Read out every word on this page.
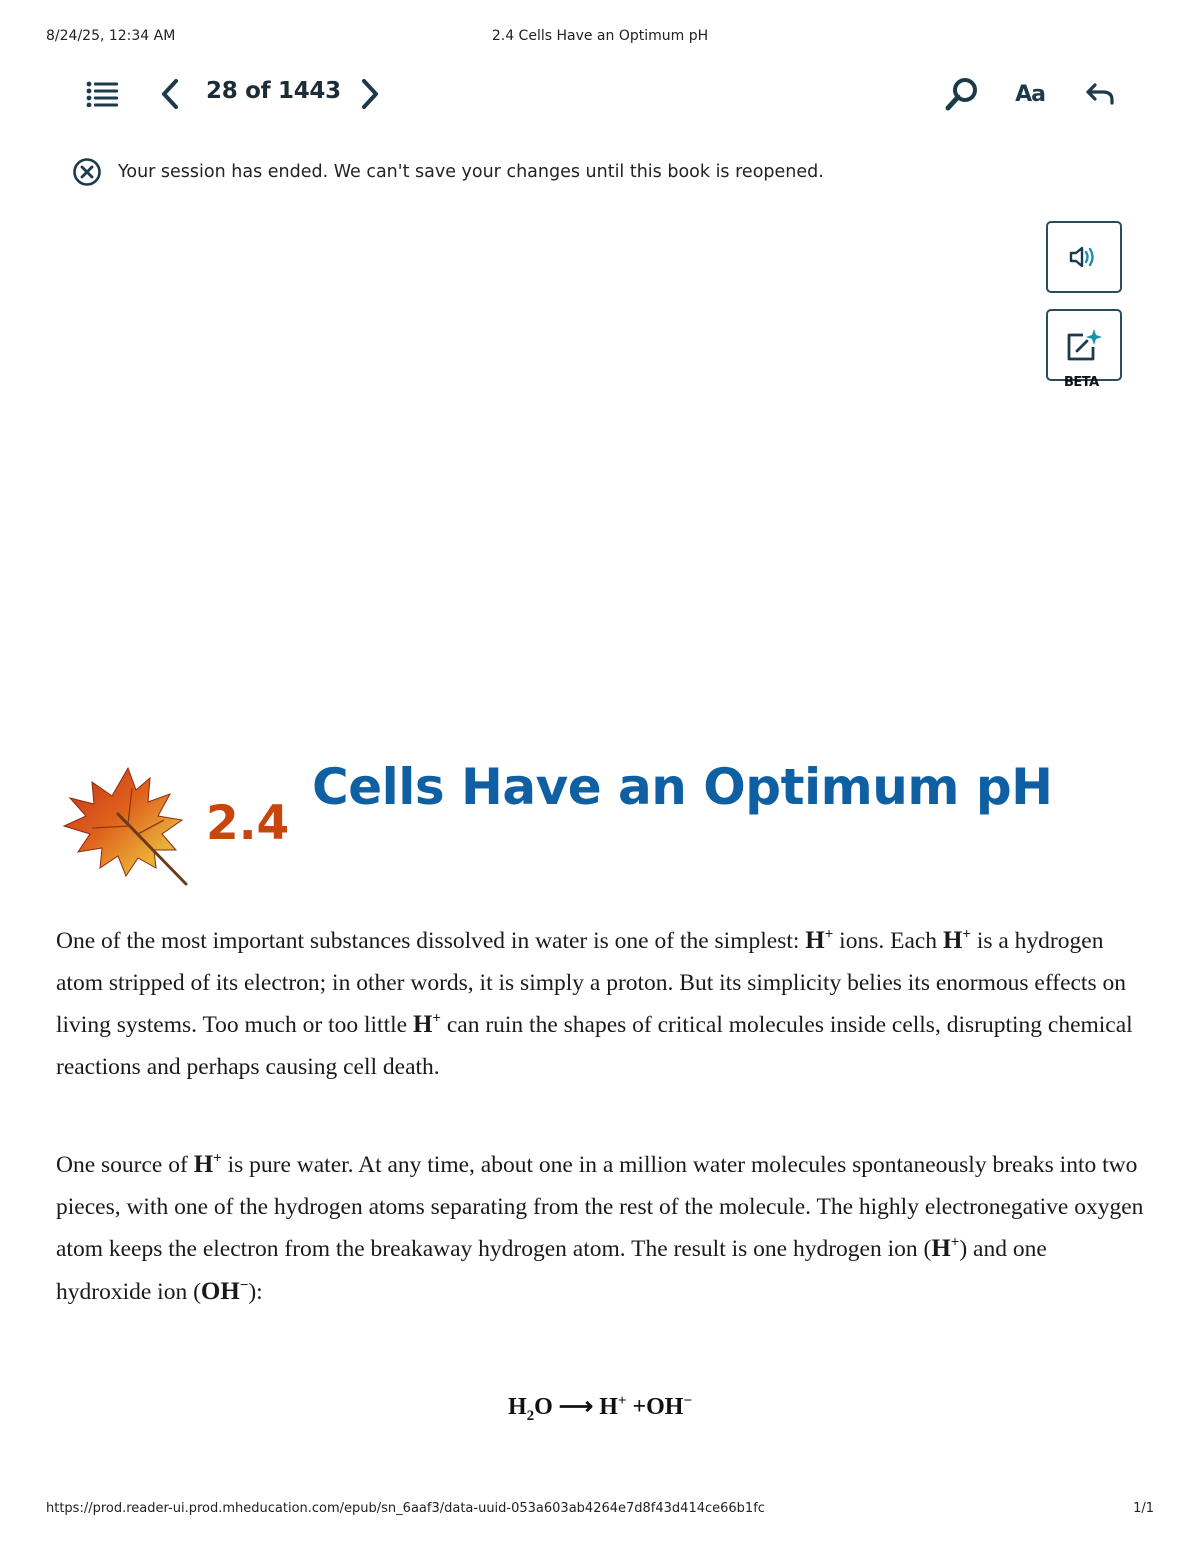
8/24/25, 12:34 AM	2.4 Cells Have an Optimum pH
28 of 1443	Aa
Your session has ended. We can't save your changes until this book is reopened.
BETA
2.4
Cells Have an Optimum pH

One of the most important substances dissolved in water is one of the simplest: H+ ions. Each H+ is a hydrogen atom stripped of its electron; in other words, it is simply a proton. But its simplicity belies its enormous effects on living systems. Too much or too little H+ can ruin the shapes of critical molecules inside cells, disrupting chemical reactions and perhaps causing cell death.

One source of H+ is pure water. At any time, about one in a million water molecules spontaneously breaks into two pieces, with one of the hydrogen atoms separating from the rest of the molecule. The highly electronegative oxygen atom keeps the electron from the breakaway hydrogen atom. The result is one hydrogen ion (H+) and one hydroxide ion (OH−):

$H_2O$ ⟶ H+ +OH−
https://prod.reader-ui.prod.mheducation.com/epub/sn_6aaf3/data-uuid-053a603ab4264e7d8f43d414ce66b1fc	1/1
